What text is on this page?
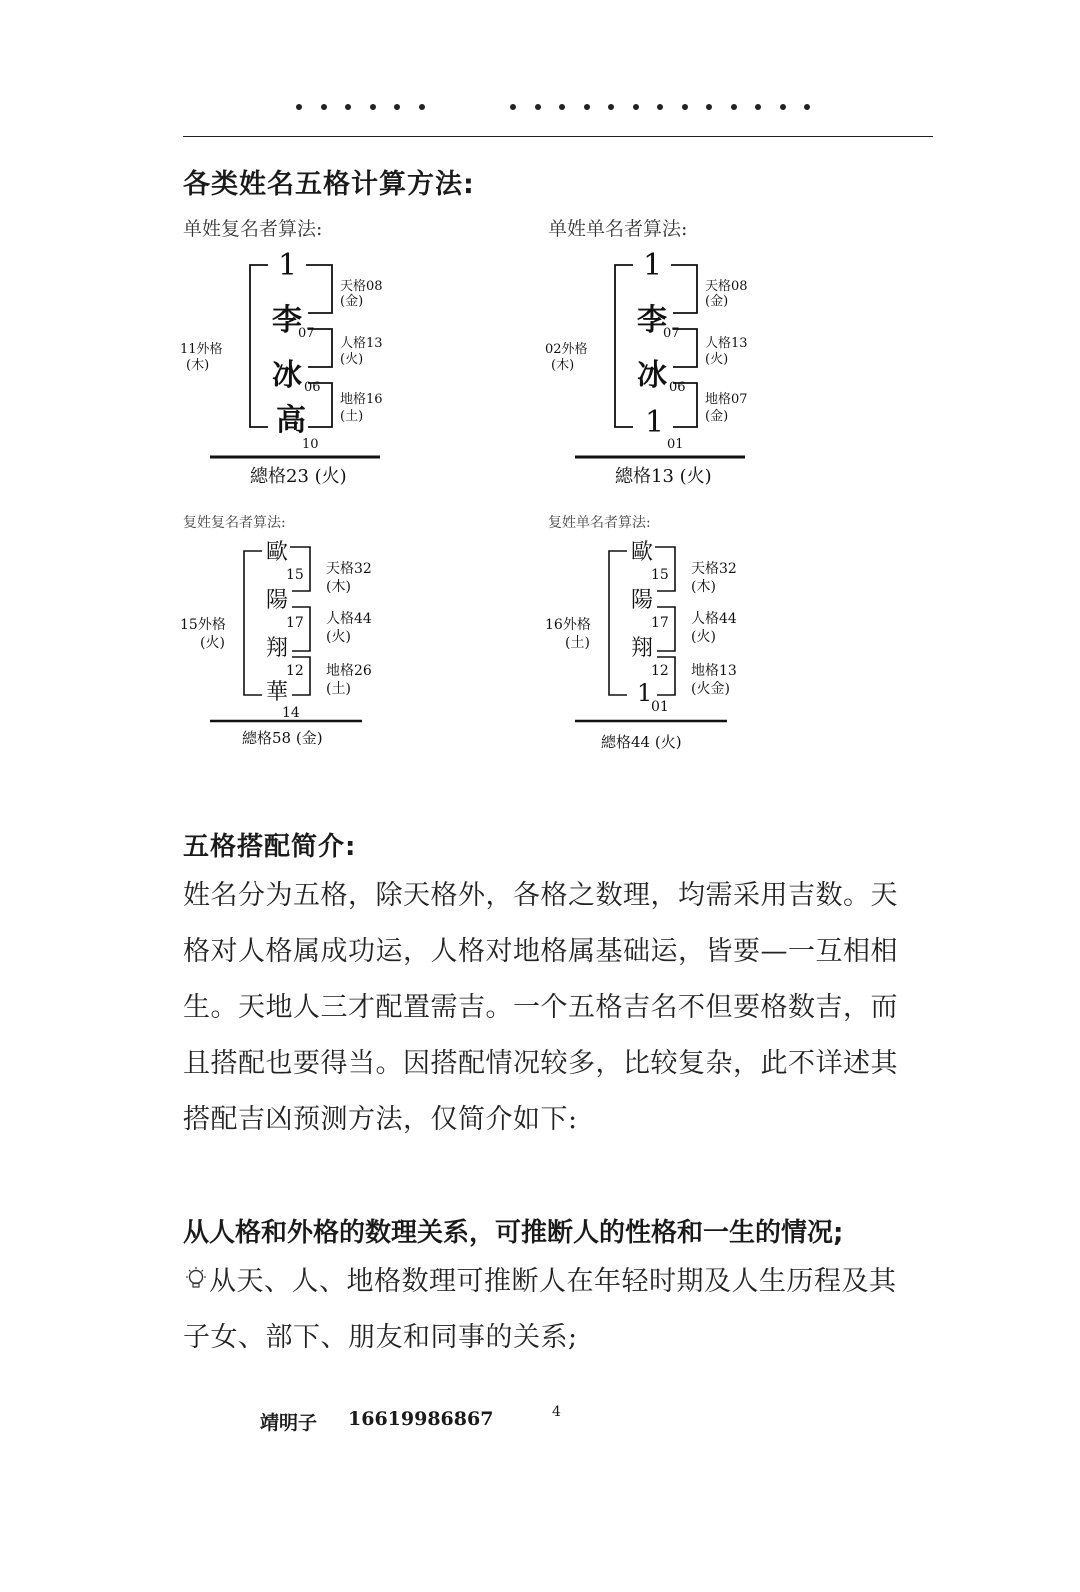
各类姓名五格计算方法:
单姓复名者算法:
1
李
冰
高
07
06
10
天格08
(金)
人格13
(火)
地格16
(土)
11外格
(木)
總格23 (火)
单姓单名者算法:
1
李
冰
1
07
06
01
天格08
(金)
人格13
(火)
地格07
(金)
02外格
(木)
總格13 (火)
复姓复名者算法:
歐
陽
翔
華
15
17
12
14
天格32
(木)
人格44
(火)
地格26
(土)
15外格
(火)
總格58 (金)
复姓单名者算法:
歐
陽
翔
1
15
17
12
01
天格32
(木)
人格44
(火)
地格13
(火金)
16外格
(土)
總格44 (火)
五格搭配简介:
姓名分为五格，除天格外，各格之数理，均需采用吉数。天
格对人格属成功运，人格对地格属基础运，皆要—一互相相
生。天地人三才配置需吉。一个五格吉名不但要格数吉，而
且搭配也要得当。因搭配情况较多，比较复杂，此不详述其
搭配吉凶预测方法，仅简介如下:
从人格和外格的数理关系，可推断人的性格和一生的情况;
从天、人、地格数理可推断人在年轻时期及人生历程及其
子女、部下、朋友和同事的关系;
靖明子 16619986867	4
